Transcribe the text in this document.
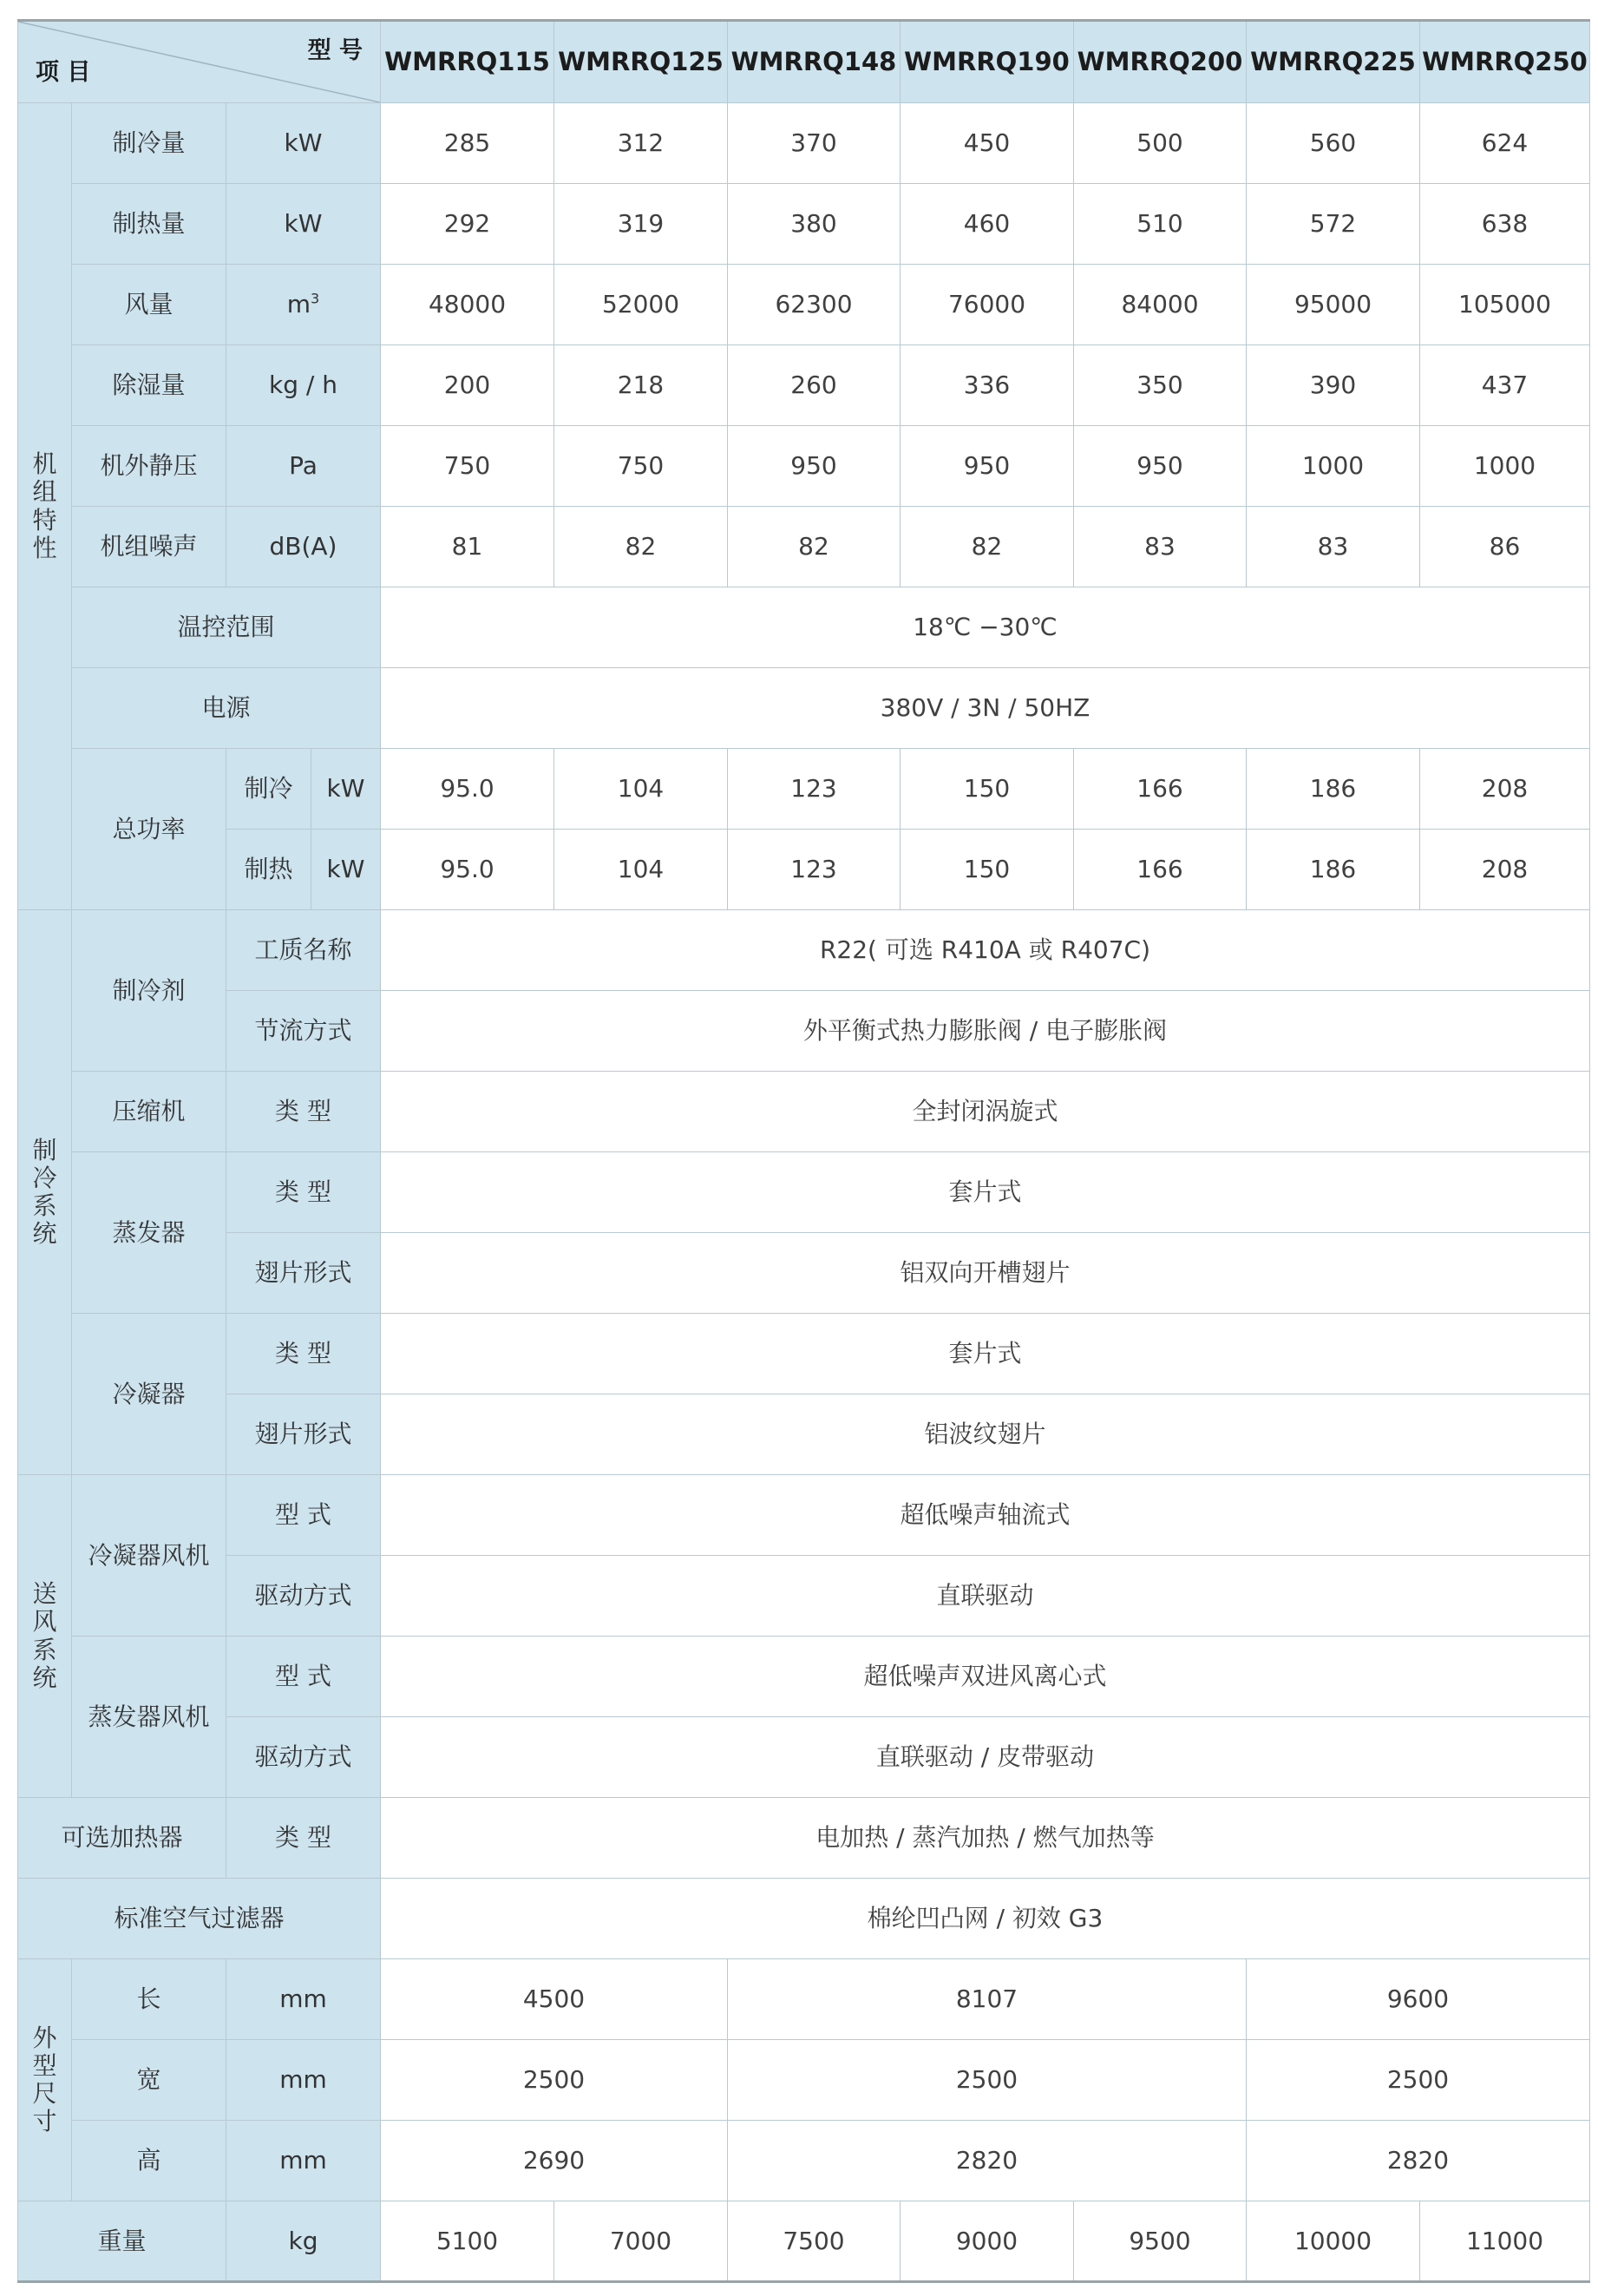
型 号
项 目				WMRRQ115	WMRRQ125	WMRRQ148	WMRRQ190	WMRRQ200	WMRRQ225	WMRRQ250

机组特性	制冷量	kW		285	312	370	450	500	560	624
	制热量	kW		292	319	380	460	510	572	638
	风量	$m^3$		48000	52000	62300	76000	84000	95000	105000
	除湿量	kg / h		200	218	260	336	350	390	437
	机外静压	Pa		750	750	950	950	950	1000	1000
	机组噪声	dB(A)		81	82	82	82	83	83	86
	温控范围			18℃ −30℃						
	电源			380V / 3N / 50HZ						
	总功率	制冷	kW	95.0	104	123	150	166	186	208
		制热	kW	95.0	104	123	150	166	186	208

制冷系统	制冷剂	工质名称		R22( 可选 R410A 或 R407C)						
		节流方式		外平衡式热力膨胀阀 / 电子膨胀阀						
	压缩机	类 型		全封闭涡旋式						
	蒸发器	类 型		套片式						
		翅片形式		铝双向开槽翅片						
	冷凝器	类 型		套片式						
		翅片形式		铝波纹翅片						

送风系统	冷凝器风机	型 式		超低噪声轴流式						
		驱动方式		直联驱动						
	蒸发器风机	型 式		超低噪声双进风离心式						
		驱动方式		直联驱动 / 皮带驱动						
可选加热器		类 型		电加热 / 蒸汽加热 / 燃气加热等						
标准空气过滤器				棉纶凹凸网 / 初效 G3						

外型尺寸	长	mm		4500		8107			9600	
	宽	mm		2500		2500			2500	
	高	mm		2690		2820			2820	
重量		kg		5100	7000	7500	9000	9500	10000	11000
